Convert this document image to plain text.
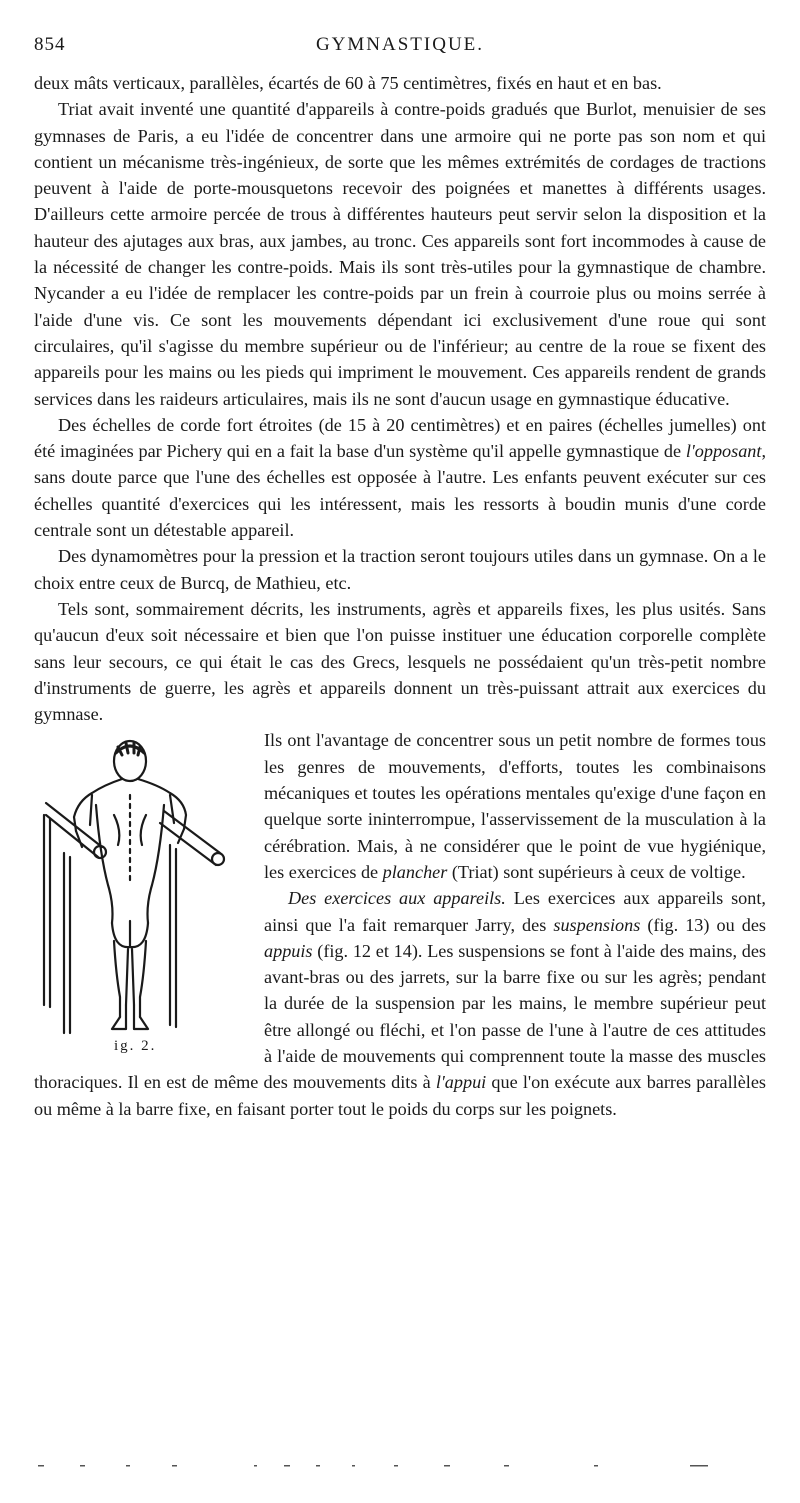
854	GYMNASTIQUE.

deux mâts verticaux, parallèles, écartés de 60 à 75 centimètres, fixés en haut et en bas.

Triat avait inventé une quantité d'appareils à contre-poids gradués que Burlot, menuisier de ses gymnases de Paris, a eu l'idée de concentrer dans une armoire qui ne porte pas son nom et qui contient un mécanisme très-ingénieux, de sorte que les mêmes extrémités de cordages de tractions peuvent à l'aide de porte-mousquetons recevoir des poignées et manettes à différents usages. D'ailleurs cette armoire percée de trous à différentes hauteurs peut servir selon la disposition et la hauteur des ajutages aux bras, aux jambes, au tronc. Ces appareils sont fort incommodes à cause de la nécessité de changer les contre-poids. Mais ils sont très-utiles pour la gymnastique de chambre. Nycander a eu l'idée de remplacer les contre-poids par un frein à courroie plus ou moins serrée à l'aide d'une vis. Ce sont les mouvements dépendant ici exclusivement d'une roue qui sont circulaires, qu'il s'agisse du membre supérieur ou de l'inférieur; au centre de la roue se fixent des appareils pour les mains ou les pieds qui impriment le mouvement. Ces appareils rendent de grands services dans les raideurs articulaires, mais ils ne sont d'aucun usage en gymnastique éducative.

Des échelles de corde fort étroites (de 15 à 20 centimètres) et en paires (échelles jumelles) ont été imaginées par Pichery qui en a fait la base d'un système qu'il appelle gymnastique de l'opposant, sans doute parce que l'une des échelles est opposée à l'autre. Les enfants peuvent exécuter sur ces échelles quantité d'exercices qui les intéressent, mais les ressorts à boudin munis d'une corde centrale sont un détestable appareil.

Des dynamomètres pour la pression et la traction seront toujours utiles dans un gymnase. On a le choix entre ceux de Burcq, de Mathieu, etc.

Tels sont, sommairement décrits, les instruments, agrès et appareils fixes, les plus usités. Sans qu'aucun d'eux soit nécessaire et bien que l'on puisse instituer une éducation corporelle complète sans leur secours, ce qui était le cas des Grecs, lesquels ne possédaient qu'un très-petit nombre d'instruments de guerre, les agrès et appareils donnent un très-puissant attrait aux exercices du gymnase.

ig. 2.

Ils ont l'avantage de concentrer sous un petit nombre de formes tous les genres de mouvements, d'efforts, toutes les combinaisons mécaniques et toutes les opérations mentales qu'exige d'une façon en quelque sorte ininterrompue, l'asservissement de la musculation à la cérébration. Mais, à ne considérer que le point de vue hygiénique, les exercices de plancher (Triat) sont supérieurs à ceux de voltige.

Des exercices aux appareils. Les exercices aux appareils sont, ainsi que l'a fait remarquer Jarry, des suspensions (fig. 13) ou des appuis (fig. 12 et 14). Les suspensions se font à l'aide des mains, des avant-bras ou des jarrets, sur la barre fixe ou sur les agrès; pendant la durée de la suspension par les mains, le membre supérieur peut être allongé ou fléchi, et l'on passe de l'une à l'autre de ces attitudes à l'aide de mouvements qui comprennent toute la masse des muscles thoraciques. Il en est de même des mouvements dits à l'appui que l'on exécute aux barres parallèles ou même à la barre fixe, en faisant porter tout le poids du corps sur les poignets.
